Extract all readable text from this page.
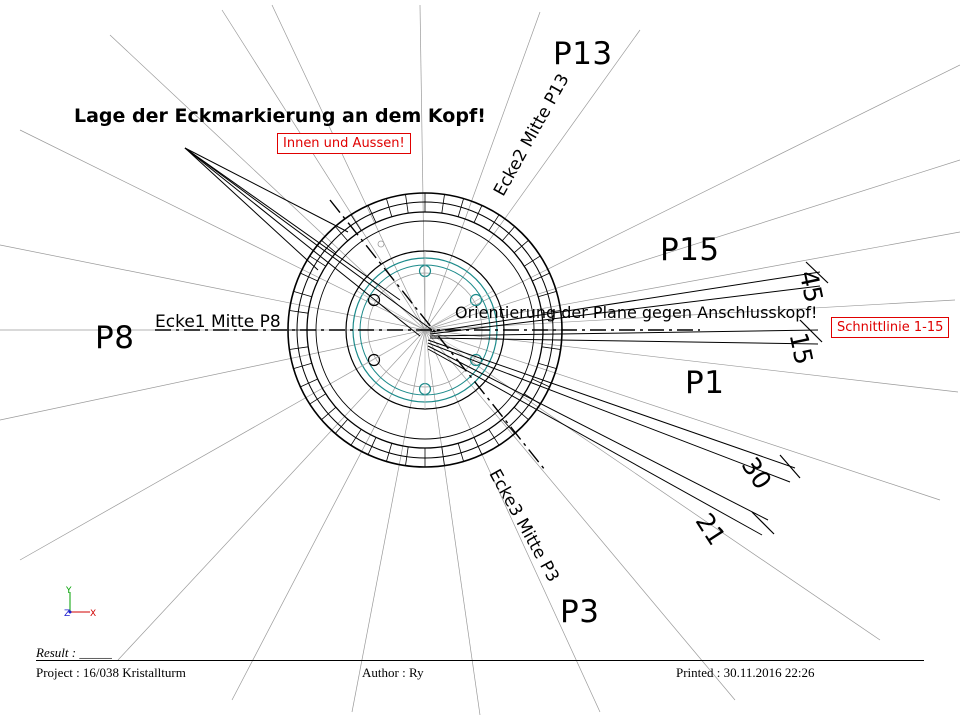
Lage der Eckmarkierung an dem Kopf!
Innen und Aussen!
Schnittlinie 1-15
Orientierung der Plane gegen Anschlusskopf!
P13
P15
P8
P1
P3
Ecke1 Mitte P8
Ecke2 Mitte P13
Ecke3 Mitte P3
45
15
30
21
Y
Z X
Result : _____
Project : 16/038 Kristallturm	Author : Ry	Printed : 30.11.2016 22:26
